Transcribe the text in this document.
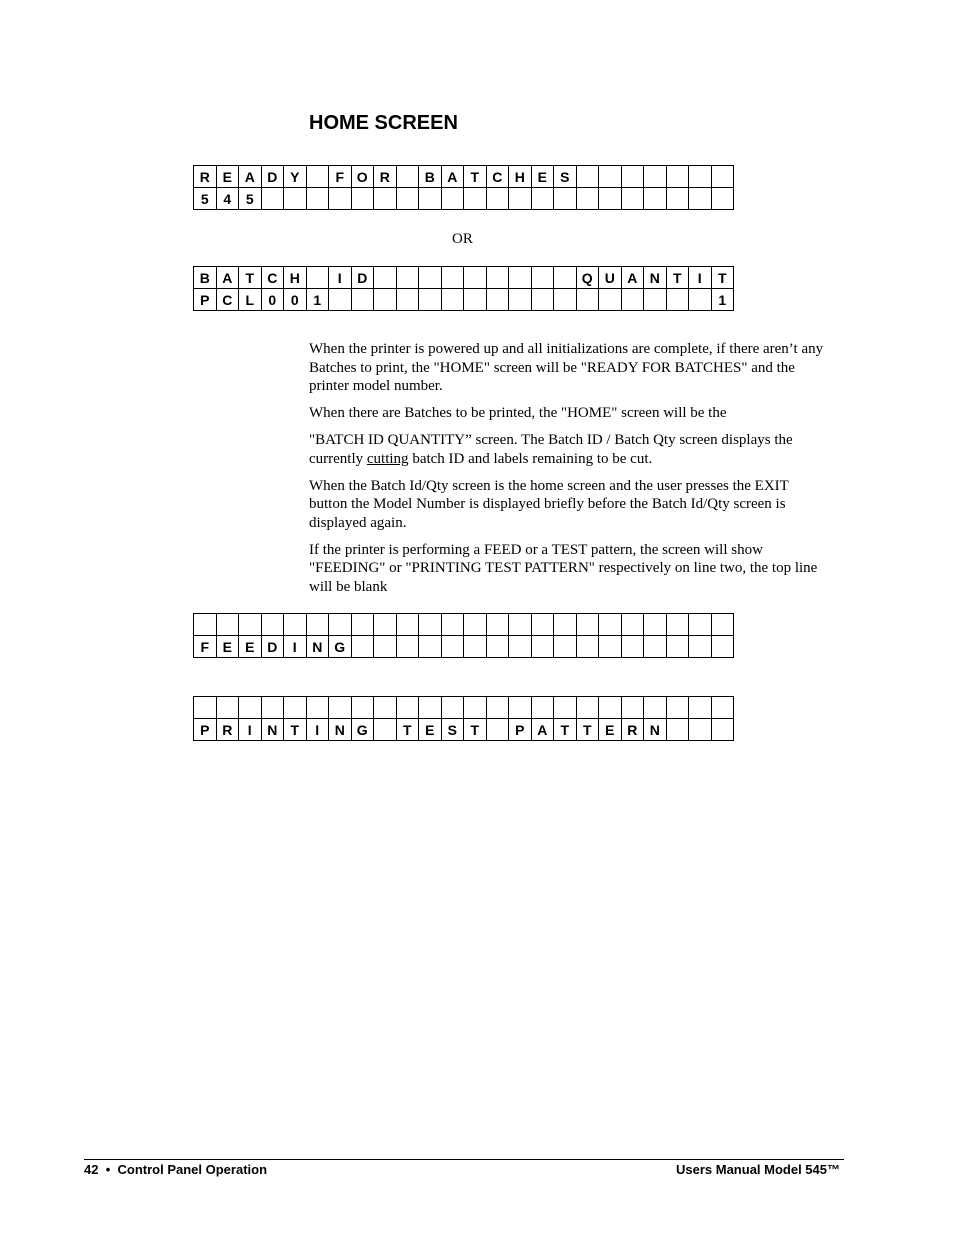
HOME SCREEN
R	E	A	D	Y		F	O	R		B	A	T	C	H	E	S							
5	4	5																					
OR
B	A	T	C	H		I	D										Q	U	A	N	T	I	T
P	C	L	0	0	1																		1

When the printer is powered up and all initializations are complete, if there aren’t any Batches to print, the "HOME" screen will be "READY FOR BATCHES" and the printer model number.

When there are Batches to be printed, the "HOME" screen will be the

"BATCH ID QUANTITY” screen. The Batch ID / Batch Qty screen displays the currently cutting batch ID and labels remaining to be cut.

When the Batch Id/Qty screen is the home screen and the user presses the EXIT button the Model Number is displayed briefly before the Batch Id/Qty screen is displayed again.

If the printer is performing a FEED or a TEST pattern, the screen will show "FEEDING" or "PRINTING TEST PATTERN" respectively on line two, the top line will be blank

F	E	E	D	I	N	G																	

P	R	I	N	T	I	N	G		T	E	S	T		P	A	T	T	E	R	N			
42 • Control Panel Operation	Users Manual Model 545™
